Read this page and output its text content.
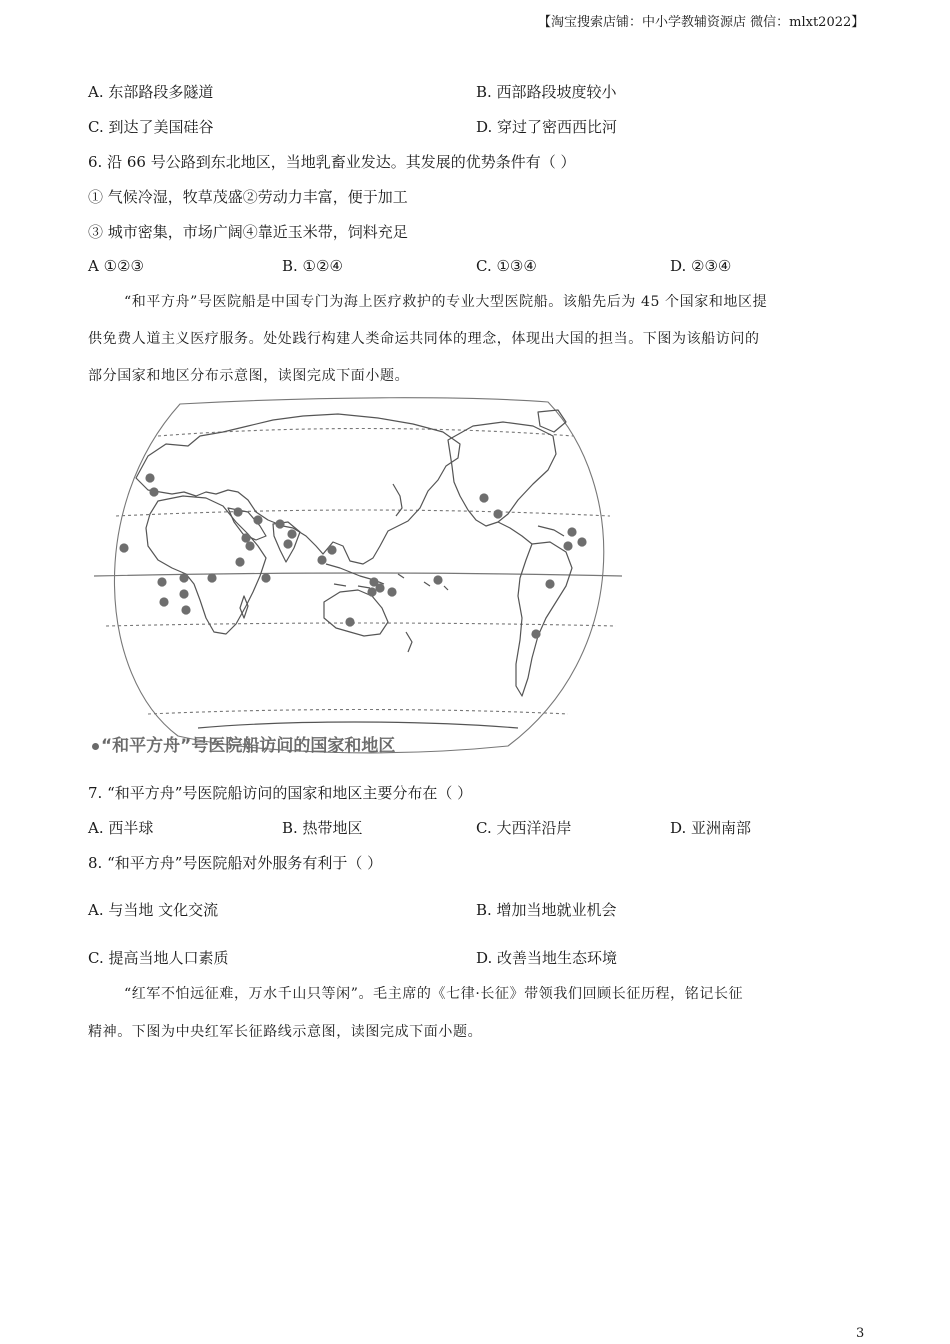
【淘宝搜索店铺：中小学教辅资源店 微信：mlxt2022】
A. 东部路段多隧道	B. 西部路段坡度较小
C. 到达了美国硅谷	D. 穿过了密西西比河
6. 沿 66 号公路到东北地区，当地乳畜业发达。其发展的优势条件有（ ）
① 气候冷湿，牧草茂盛②劳动力丰富，便于加工
③ 城市密集，市场广阔④靠近玉米带，饲料充足
A ①②③	B. ①②④	C. ①③④	D. ②③④
“和平方舟”号医院船是中国专门为海上医疗救护的专业大型医院船。该船先后为 45 个国家和地区提
供免费人道主义医疗服务。处处践行构建人类命运共同体的理念，体现出大国的担当。下图为该船访问的
部分国家和地区分布示意图，读图完成下面小题。
“和平方舟”号医院船访问的国家和地区
7. “和平方舟”号医院船访问的国家和地区主要分布在（ ）
A. 西半球	B. 热带地区	C. 大西洋沿岸	D. 亚洲南部
8. “和平方舟”号医院船对外服务有利于（ ）
A. 与当地 文化交流	B. 增加当地就业机会
C. 提高当地人口素质	D. 改善当地生态环境
“红军不怕远征难，万水千山只等闲”。毛主席的《七律·长征》带领我们回顾长征历程，铭记长征
精神。下图为中央红军长征路线示意图，读图完成下面小题。
3
